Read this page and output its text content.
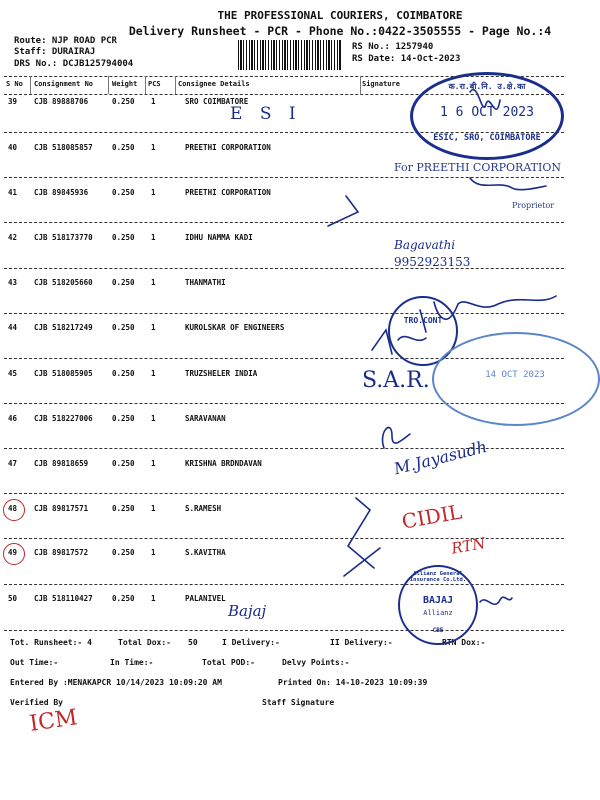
THE PROFESSIONAL COURIERS, COIMBATORE
Delivery Runsheet - PCR - Phone No.:0422-3505555 - Page No.:4
Route: NJP ROAD PCR
Staff: DURAIRAJ
DRS No.: DCJB125794004
RS No.: 1257940
RS Date: 14-Oct-2023
S No Consignment No	Weight PCS Consignee Details	Signature
39 CJB 89888706	0.250 1	SRO COIMBATORE
40 CJB 518085857	0.250 1	PREETHI CORPORATION
41 CJB 89845936	0.250 1	PREETHI CORPORATION
42 CJB 518173770	0.250 1	IDHU NAMMA KADI
43 CJB 518205660	0.250 1	THANMATHI
44 CJB 518217249	0.250 1	KUROLSKAR OF ENGINEERS
45 CJB 518085905	0.250 1	TRUZSHELER INDIA
46 CJB 518227006	0.250 1	SARAVANAN
47 CJB 89818659	0.250 1	KRISHNA BRDNDAVAN
48 CJB 89817571	0.250 1	S.RAMESH
49 CJB 89817572	0.250 1	S.KAVITHA
50 CJB 518110427	0.250 1	PALANIVEL
Tot. Runsheet:- 4	Total Dox:- 50	I Delivery:-	II Delivery:-	RTN Dox:-
Out Time:-	In Time:-	Total POD:-	Delvy Points:-
Entered By :MENAKAPCR 10/14/2023 10:09:20 AM	Printed On: 14-10-2023 10:09:39
Verified By	Staff Signature
क.रा.बी.नि. उ.क्षे.का
1 6 OCT 2023
ESIC, SRO, COIMBATORE
For PREETHI CORPORATION
Proprietor
TRO.CONT
14 OCT 2023
Allianz General Insurance Co.Ltd.
BAJAJ
Allianz
CBE
E S I
Bagavathi
9952923153
S.A.R.
M.Jayasudh
CIDIL
RTN
Bajaj
ICM
